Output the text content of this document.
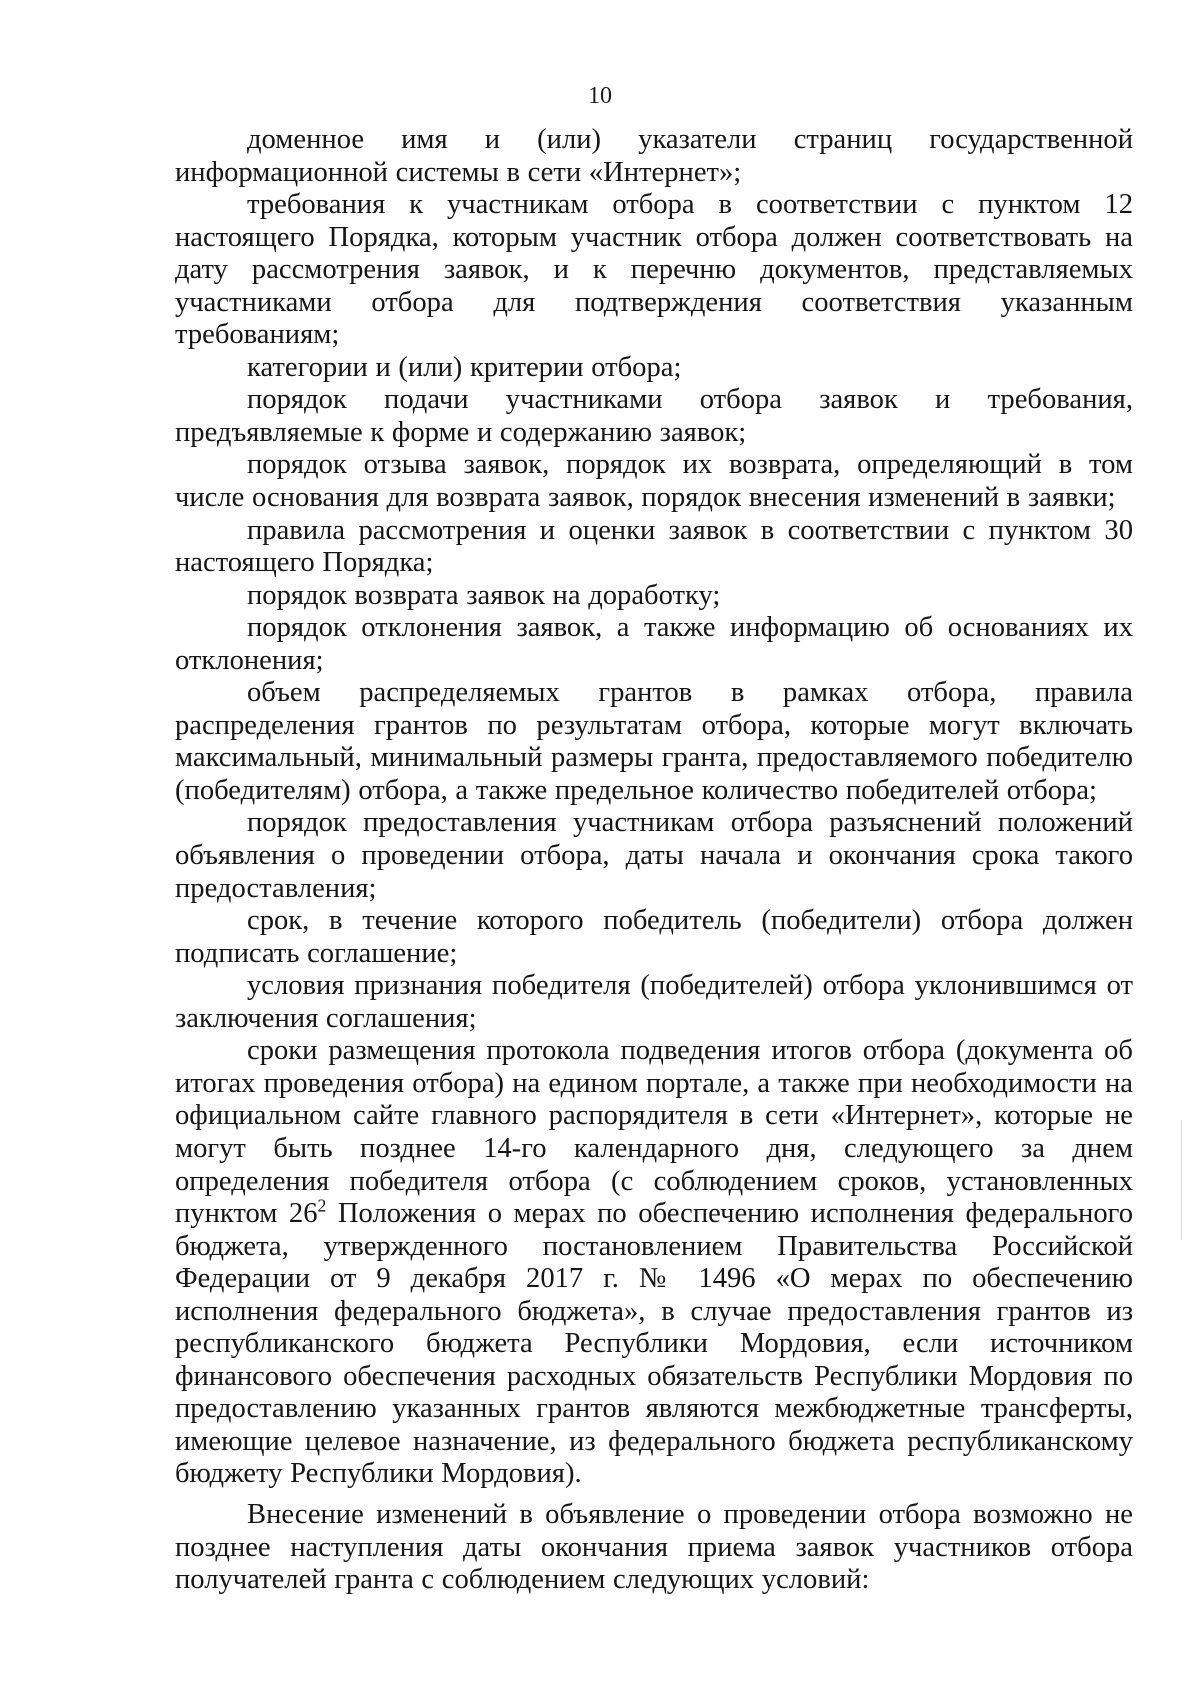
10

доменное имя и (или) указатели страниц государственной информационной системы в сети «Интернет»;

требования к участникам отбора в соответствии с пунктом 12 настоящего Порядка, которым участник отбора должен соответствовать на дату рассмотрения заявок, и к перечню документов, представляемых участниками отбора для подтверждения соответствия указанным требованиям;

категории и (или) критерии отбора;

порядок подачи участниками отбора заявок и требования, предъявляемые к форме и содержанию заявок;

порядок отзыва заявок, порядок их возврата, определяющий в том числе основания для возврата заявок, порядок внесения изменений в заявки;

правила рассмотрения и оценки заявок в соответствии с пунктом 30 настоящего Порядка;

порядок возврата заявок на доработку;

порядок отклонения заявок, а также информацию об основаниях их отклонения;

объем распределяемых грантов в рамках отбора, правила распределения грантов по результатам отбора, которые могут включать максимальный, минимальный размеры гранта, предоставляемого победителю (победителям) отбора, а также предельное количество победителей отбора;

порядок предоставления участникам отбора разъяснений положений объявления о проведении отбора, даты начала и окончания срока такого предоставления;

срок, в течение которого победитель (победители) отбора должен подписать соглашение;

условия признания победителя (победителей) отбора уклонившимся от заключения соглашения;

сроки размещения протокола подведения итогов отбора (документа об итогах проведения отбора) на едином портале, а также при необходимости на официальном сайте главного распорядителя в сети «Интернет», которые не могут быть позднее 14-го календарного дня, следующего за днем определения победителя отбора (с соблюдением сроков, установленных пунктом $26^2$ Положения о мерах по обеспечению исполнения федерального бюджета, утвержденного постановлением Правительства Российской Федерации от 9 декабря 2017 г. № 1496 «О мерах по обеспечению исполнения федерального бюджета», в случае предоставления грантов из республиканского бюджета Республики Мордовия, если источником финансового обеспечения расходных обязательств Республики Мордовия по предоставлению указанных грантов являются межбюджетные трансферты, имеющие целевое назначение, из федерального бюджета республиканскому бюджету Республики Мордовия).

Внесение изменений в объявление о проведении отбора возможно не позднее наступления даты окончания приема заявок участников отбора получателей гранта с соблюдением следующих условий:
